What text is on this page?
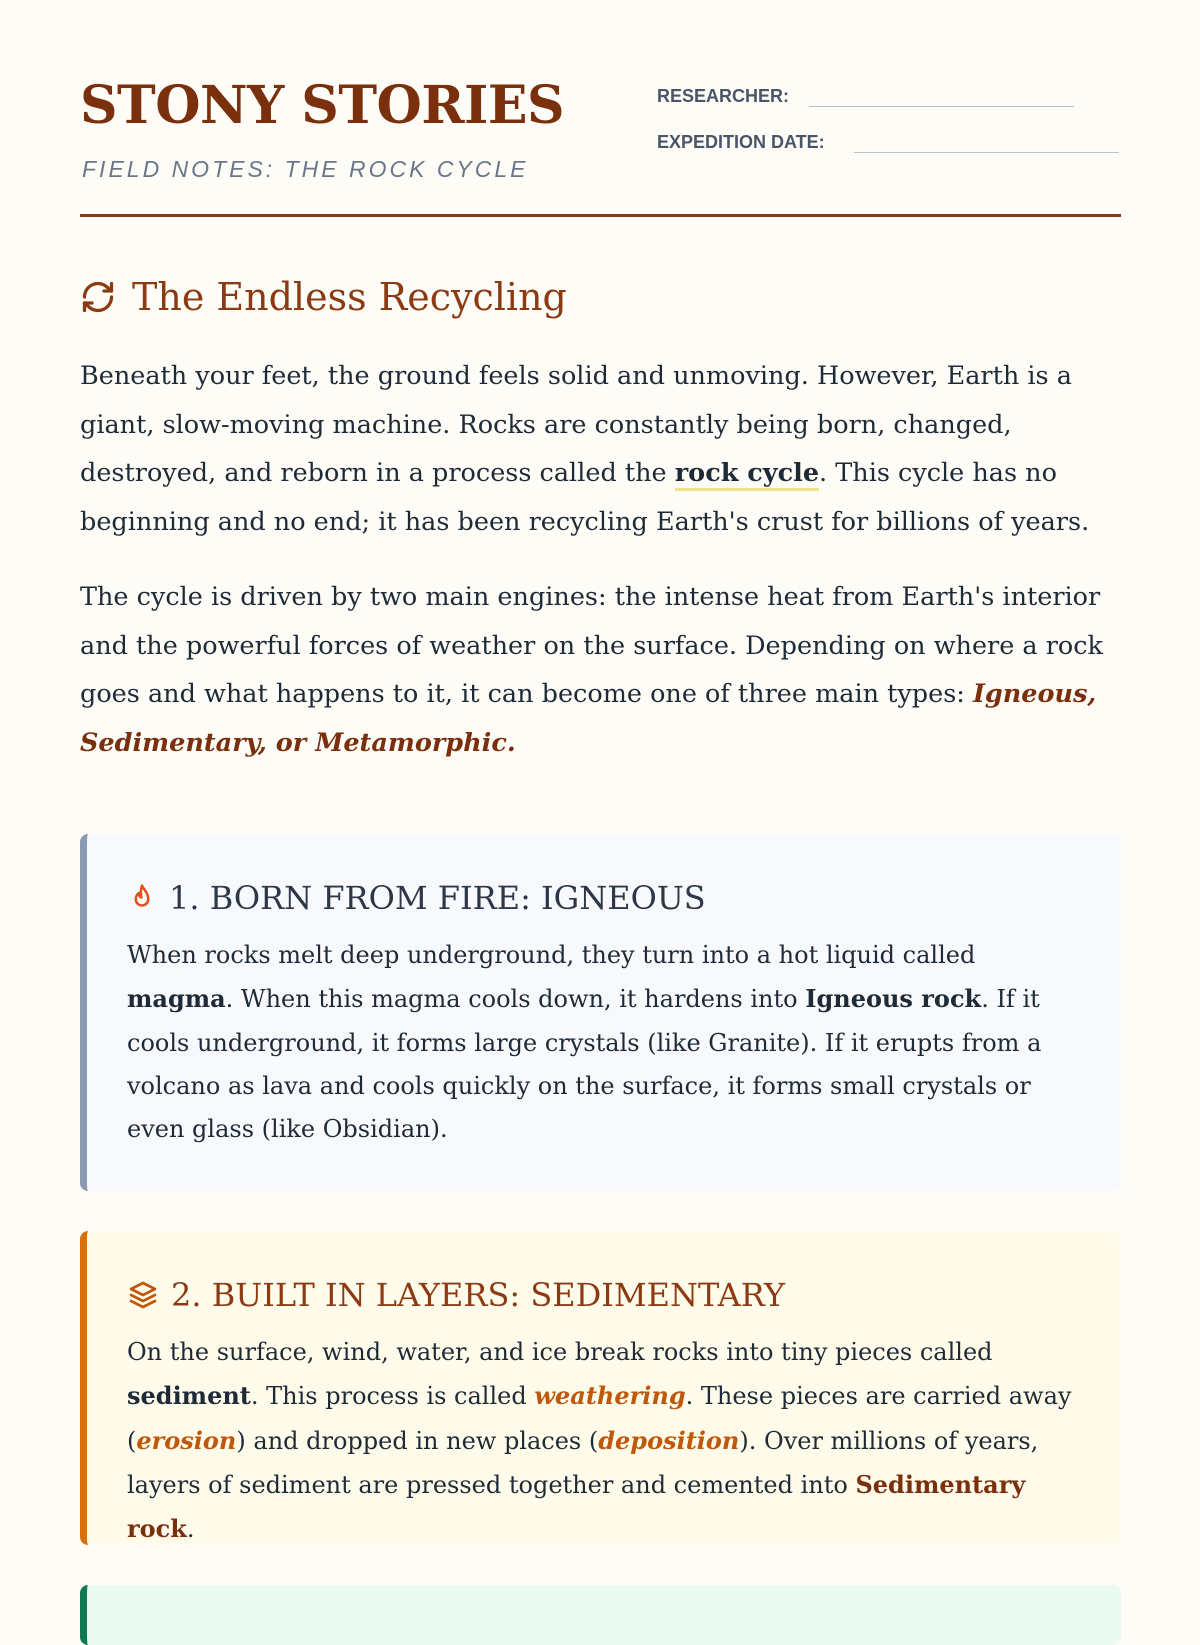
STONY STORIES
FIELD NOTES: THE ROCK CYCLE
RESEARCHER:
EXPEDITION DATE:
The Endless Recycling

Beneath your feet, the ground feels solid and unmoving. However, Earth is a giant, slow-moving machine. Rocks are constantly being born, changed, destroyed, and reborn in a process called the rock cycle. This cycle has no beginning and no end; it has been recycling Earth's crust for billions of years.

The cycle is driven by two main engines: the intense heat from Earth's interior and the powerful forces of weather on the surface. Depending on where a rock goes and what happens to it, it can become one of three main types: Igneous, Sedimentary, or Metamorphic.

1. BORN FROM FIRE: IGNEOUS

When rocks melt deep underground, they turn into a hot liquid called magma. When this magma cools down, it hardens into Igneous rock. If it cools underground, it forms large crystals (like Granite). If it erupts from a volcano as lava and cools quickly on the surface, it forms small crystals or even glass (like Obsidian).

2. BUILT IN LAYERS: SEDIMENTARY

On the surface, wind, water, and ice break rocks into tiny pieces called sediment. This process is called weathering. These pieces are carried away (erosion) and dropped in new places (deposition). Over millions of years, layers of sediment are pressed together and cemented into Sedimentary rock.
